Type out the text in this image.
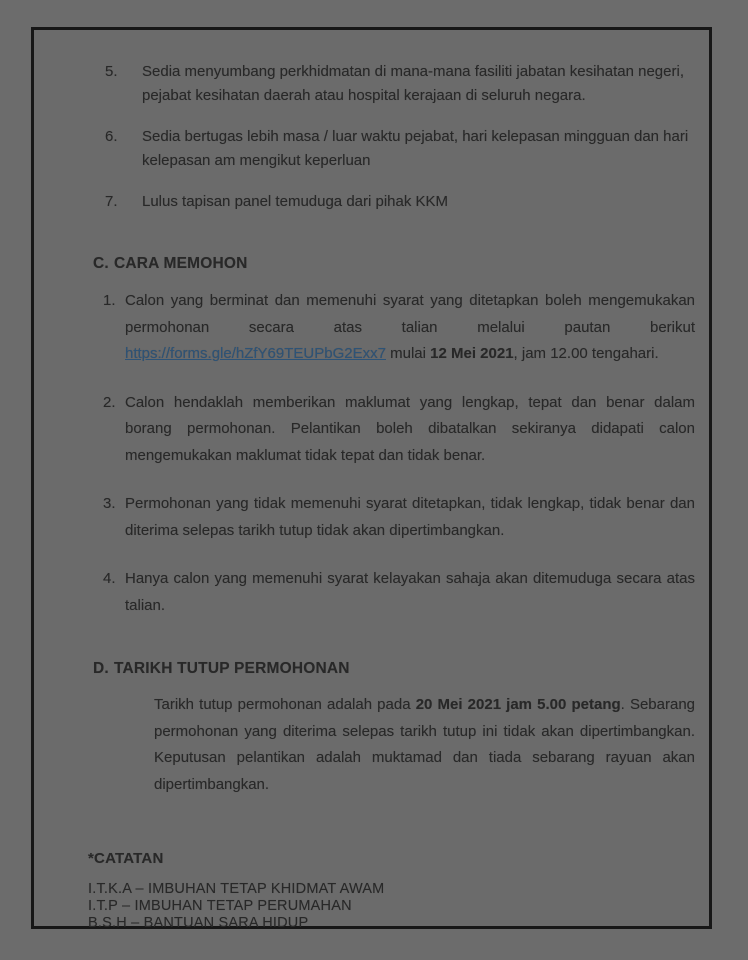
5.	Sedia menyumbang perkhidmatan di mana-mana fasiliti jabatan kesihatan negeri, pejabat kesihatan daerah atau hospital kerajaan di seluruh negara.
6.	Sedia bertugas lebih masa / luar waktu pejabat, hari kelepasan mingguan dan hari kelepasan am mengikut keperluan
7.	Lulus tapisan panel temuduga dari pihak KKM
C. CARA MEMOHON
1. Calon yang berminat dan memenuhi syarat yang ditetapkan boleh mengemukakan permohonan secara atas talian melalui pautan berikut https://forms.gle/hZfY69TEUPbG2Exx7 mulai 12 Mei 2021, jam 12.00 tengahari.
2. Calon hendaklah memberikan maklumat yang lengkap, tepat dan benar dalam borang permohonan. Pelantikan boleh dibatalkan sekiranya didapati calon mengemukakan maklumat tidak tepat dan tidak benar.
3. Permohonan yang tidak memenuhi syarat ditetapkan, tidak lengkap, tidak benar dan diterima selepas tarikh tutup tidak akan dipertimbangkan.
4. Hanya calon yang memenuhi syarat kelayakan sahaja akan ditemuduga secara atas talian.
D. TARIKH TUTUP PERMOHONAN
Tarikh tutup permohonan adalah pada 20 Mei 2021 jam 5.00 petang. Sebarang permohonan yang diterima selepas tarikh tutup ini tidak akan dipertimbangkan. Keputusan pelantikan adalah muktamad dan tiada sebarang rayuan akan dipertimbangkan.
*CATATAN
I.T.K.A – IMBUHAN TETAP KHIDMAT AWAM
I.T.P – IMBUHAN TETAP PERUMAHAN
B.S.H – BANTUAN SARA HIDUP
